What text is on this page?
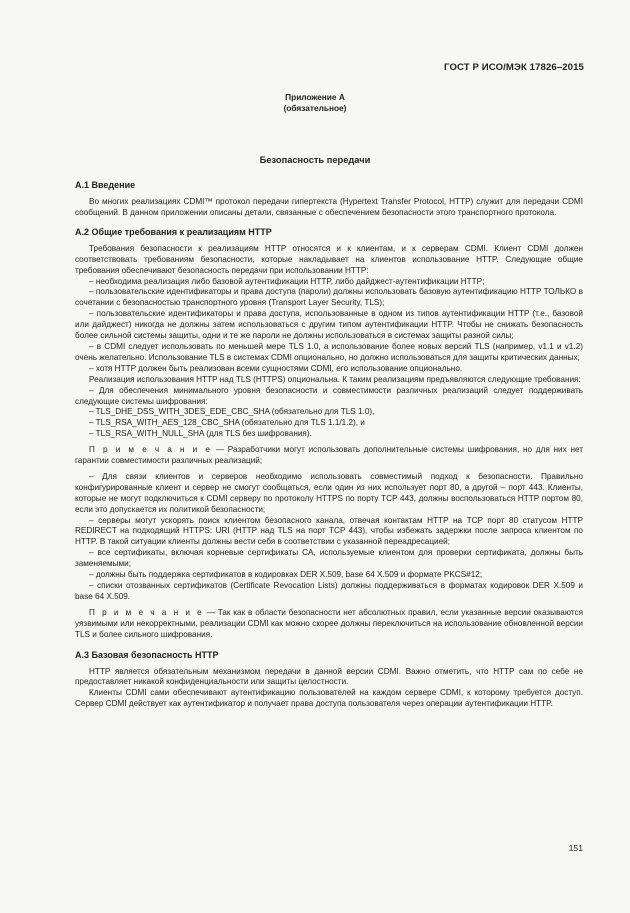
ГОСТ Р ИСО/МЭК 17826–2015
Приложение А
(обязательное)
Безопасность передачи
А.1 Введение

Во многих реализациях CDMI™ протокол передачи гипертекста (Hypertext Transfer Protocol, HTTP) служит для передачи CDMI сообщений. В данном приложении описаны детали, связанные с обеспечением безопасности этого транспортного протокола.

А.2 Общие требования к реализациям HTTP

Требования безопасности к реализациям HTTP относятся и к клиентам, и к серверам CDMI. Клиент CDMI должен соответствовать требованиям безопасности, которые накладывает на клиентов использование HTTP. Следующие общие требования обеспечивают безопасность передачи при использовании HTTP:

– необходима реализация либо базовой аутентификации HTTP, либо дайджест-аутентификации HTTP;

– пользовательские идентификаторы и права доступа (пароли) должны использовать базовую аутентификацию HTTP ТОЛЬКО в сочетании с безопасностью транспортного уровня (Transport Layer Security, TLS);

– пользовательские идентификаторы и права доступа, использованные в одном из типов аутентификации HTTP (т.е., базовой или дайджест) никогда не должны затем использоваться с другим типом аутентификации HTTP. Чтобы не снижать безопасность более сильной системы защиты, одни и те же пароли не должны использоваться в системах защиты разной силы;

– в CDMI следует использовать по меньшей мере TLS 1.0, а использование более новых версий TLS (например, v1.1 и v1.2) очень желательно. Использование TLS в системах CDMI опционально, но должно использоваться для защиты критических данных;

– хотя HTTP должен быть реализован всеми сущностями CDMI, его использование опционально.

Реализация использования HTTP над TLS (HTTPS) опциональна. К таким реализациям предъявляются следующие требования:

– Для обеспечения минимального уровня безопасности и совместимости различных реализаций следует поддерживать следующие системы шифрования:

– TLS_DHE_DSS_WITH_3DES_EDE_CBC_SHA (обязательно для TLS 1.0),

– TLS_RSA_WITH_AES_128_CBC_SHA (обязательно для TLS 1.1/1.2), и

– TLS_RSA_WITH_NULL_SHA (для TLS без шифрования).

П р и м е ч а н и е — Разработчики могут использовать дополнительные системы шифрования, но для них нет гарантии совместимости различных реализаций;

– Для связи клиентов и серверов необходимо использовать совместимый подход к безопасности. Правильно конфигурированные клиент и сервер не смогут сообщаться, если один из них использует порт 80, а другой – порт 443. Клиенты, которые не могут подключиться к CDMI серверу по протоколу HTTPS по порту TCP 443, должны воспользоваться HTTP портом 80, если это допускается их политикой безопасности;

– серверы могут ускорять поиск клиентом безопасного канала, отвечая контактам HTTP на TCP порт 80 статусом HTTP REDIRECT на подходящий HTTPS: URI (HTTP над TLS на порт TCP 443), чтобы избежать задержки после запроса клиентом по HTTP. В такой ситуации клиенты должны вести себя в соответствии с указанной переадресацией;

– все сертификаты, включая корневые сертификаты CA, используемые клиентом для проверки сертификата, должны быть заменяемыми;

– должны быть поддержка сертификатов в кодировках DER X.509, base 64 X.509 и формате PKCS#12;

– списки отозванных сертификатов (Certificate Revocation Lists) должны поддерживаться в форматах кодировок DER X.509 и base 64 X.509.

П р и м е ч а н и е — Так как в области безопасности нет абсолютных правил, если указанные версии оказываются уязвимыми или некорректными, реализации CDMI как можно скорее должны переключиться на использование обновленной версии TLS и более сильного шифрования.

А.3 Базовая безопасность HTTP

HTTP является обязательным механизмом передачи в данной версии CDMI. Важно отметить, что HTTP сам по себе не предоставляет никакой конфиденциальности или защиты целостности.

Клиенты CDMI сами обеспечивают аутентификацию пользователей на каждом сервере CDMI, к которому требуется доступ. Сервер CDMI действует как аутентификатор и получает права доступа пользователя через операции аутентификации HTTP.

151
